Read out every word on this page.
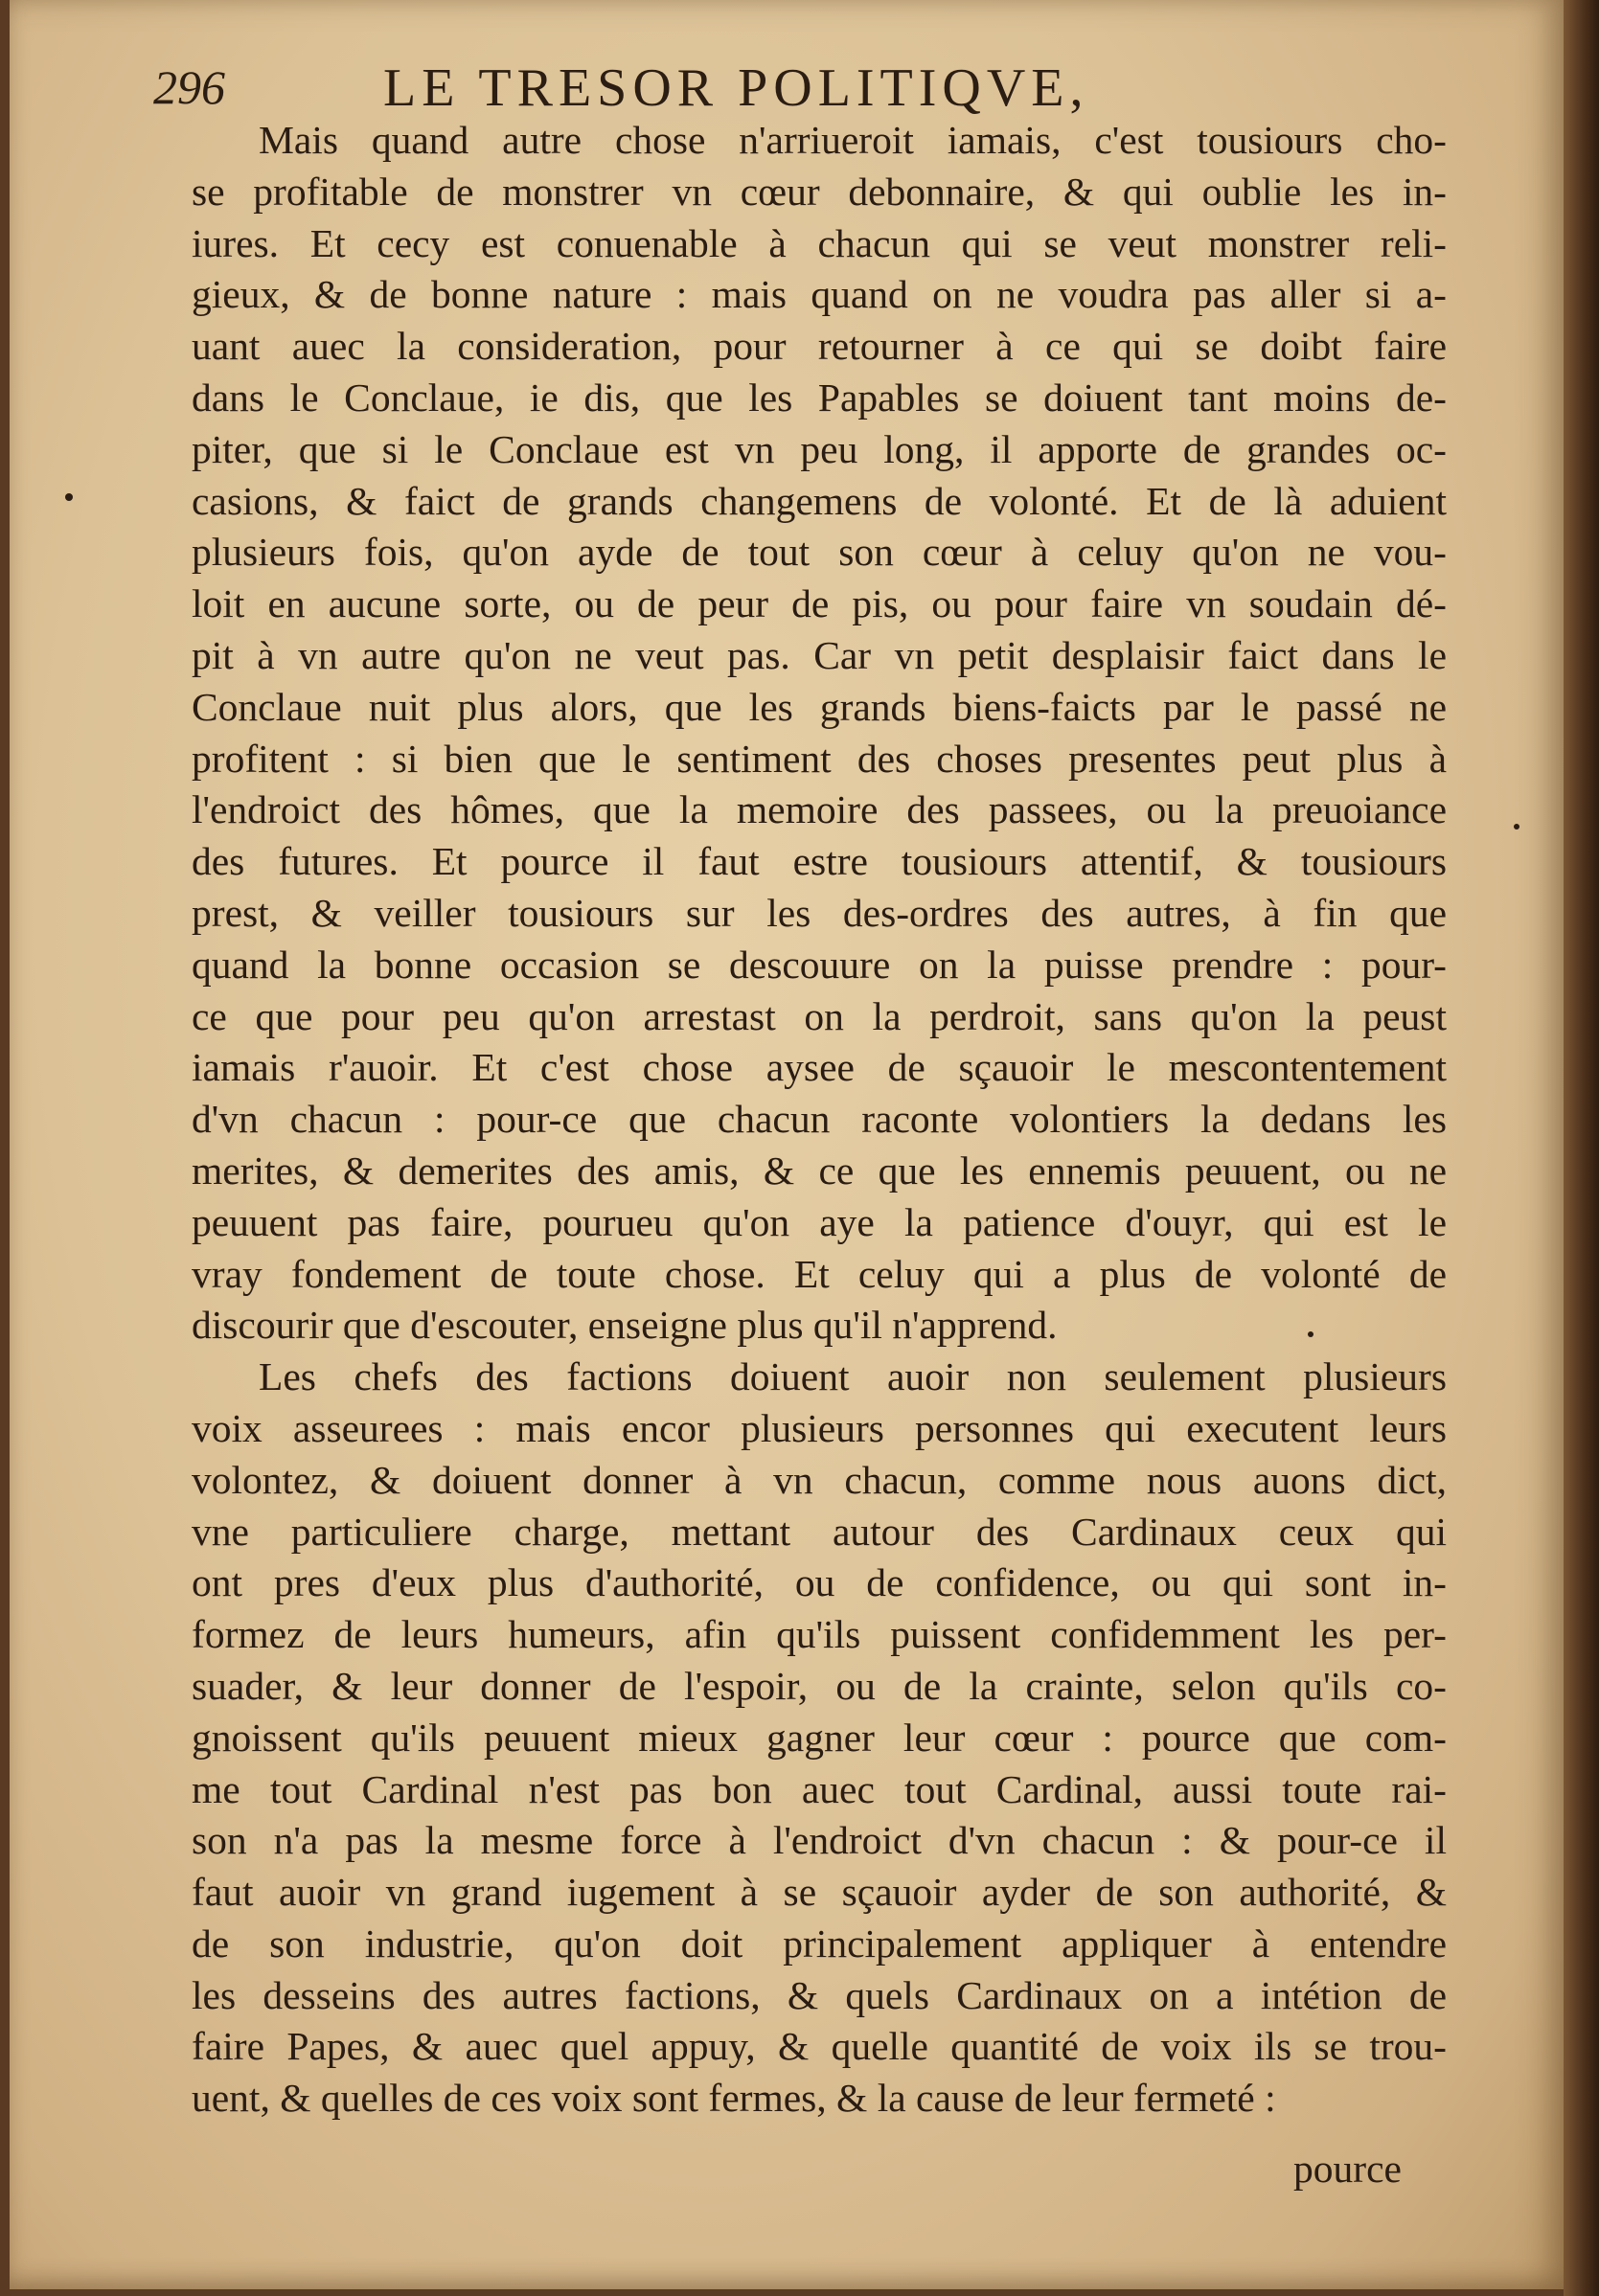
296	LE TRESOR POLITIQVE,
Mais quand autre chose n'arriueroit iamais, c'est tousiours cho-
se profitable de monstrer vn cœur debonnaire, & qui oublie les in-
iures. Et cecy est conuenable à chacun qui se veut monstrer reli-
gieux, & de bonne nature : mais quand on ne voudra pas aller si a-
uant auec la consideration, pour retourner à ce qui se doibt faire
dans le Conclaue, ie dis, que les Papables se doiuent tant moins de-
piter, que si le Conclaue est vn peu long, il apporte de grandes oc-
casions, & faict de grands changemens de volonté. Et de là aduient
plusieurs fois, qu'on ayde de tout son cœur à celuy qu'on ne vou-
loit en aucune sorte, ou de peur de pis, ou pour faire vn soudain dé-
pit à vn autre qu'on ne veut pas. Car vn petit desplaisir faict dans le
Conclaue nuit plus alors, que les grands biens-faicts par le passé ne
profitent : si bien que le sentiment des choses presentes peut plus à
l'endroict des hômes, que la memoire des passees, ou la preuoiance
des futures. Et pource il faut estre tousiours attentif, & tousiours
prest, & veiller tousiours sur les des-ordres des autres, à fin que
quand la bonne occasion se descouure on la puisse prendre : pour-
ce que pour peu qu'on arrestast on la perdroit, sans qu'on la peust
iamais r'auoir. Et c'est chose aysee de sçauoir le mescontentement
d'vn chacun : pour-ce que chacun raconte volontiers la dedans les
merites, & demerites des amis, & ce que les ennemis peuuent, ou ne
peuuent pas faire, pourueu qu'on aye la patience d'ouyr, qui est le
vray fondement de toute chose. Et celuy qui a plus de volonté de
discourir que d'escouter, enseigne plus qu'il n'apprend.
Les chefs des factions doiuent auoir non seulement plusieurs
voix asseurees : mais encor plusieurs personnes qui executent leurs
volontez, & doiuent donner à vn chacun, comme nous auons dict,
vne particuliere charge, mettant autour des Cardinaux ceux qui
ont pres d'eux plus d'authorité, ou de confidence, ou qui sont in-
formez de leurs humeurs, afin qu'ils puissent confidemment les per-
suader, & leur donner de l'espoir, ou de la crainte, selon qu'ils co-
gnoissent qu'ils peuuent mieux gagner leur cœur : pource que com-
me tout Cardinal n'est pas bon auec tout Cardinal, aussi toute rai-
son n'a pas la mesme force à l'endroict d'vn chacun : & pour-ce il
faut auoir vn grand iugement à se sçauoir ayder de son authorité, &
de son industrie, qu'on doit principalement appliquer à entendre
les desseins des autres factions, & quels Cardinaux on a intétion de
faire Papes, & auec quel appuy, & quelle quantité de voix ils se trou-
uent, & quelles de ces voix sont fermes, & la cause de leur fermeté :
pource
